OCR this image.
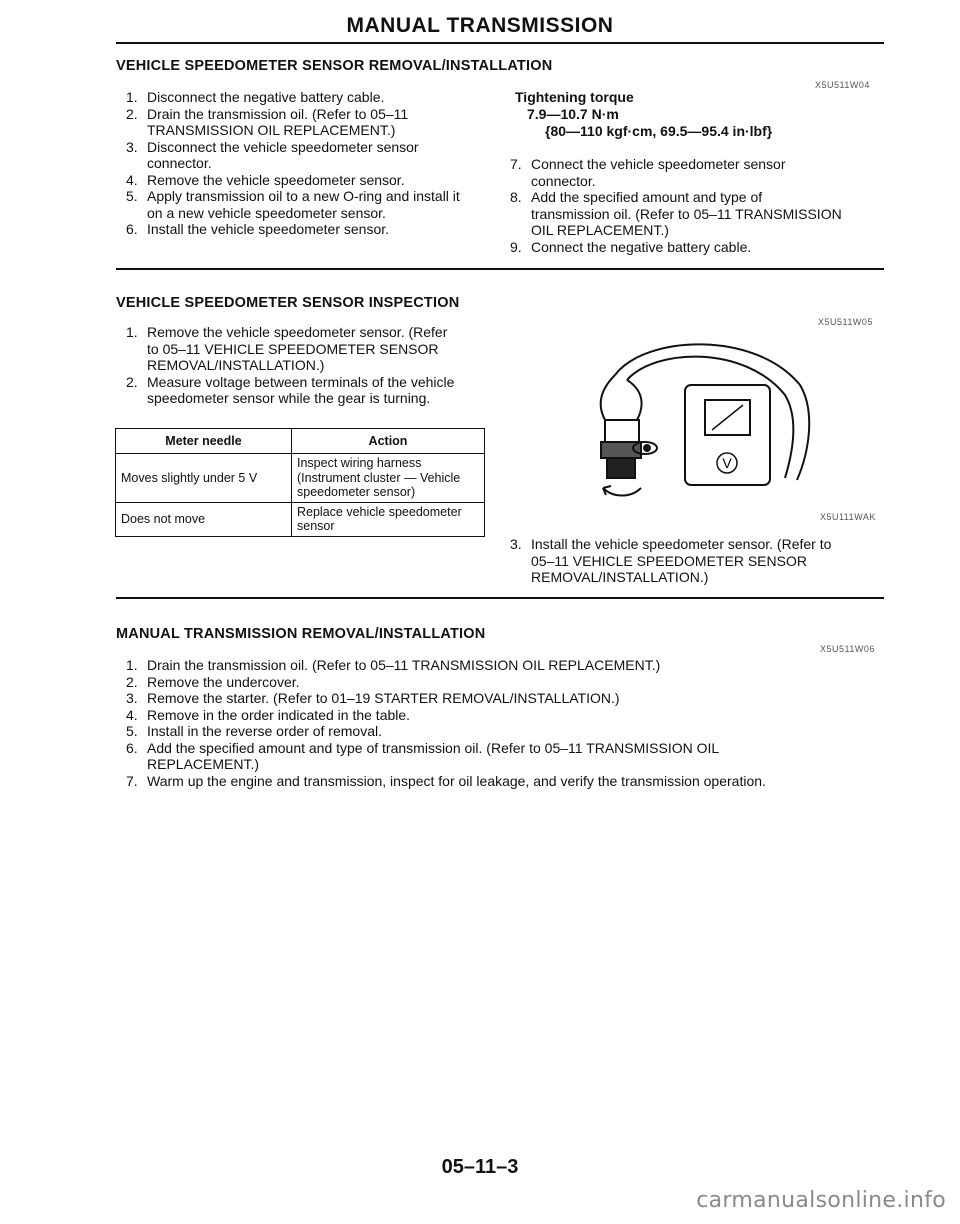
MANUAL TRANSMISSION
VEHICLE SPEEDOMETER SENSOR REMOVAL/INSTALLATION
X5U511W04
1. Disconnect the negative battery cable.
2. Drain the transmission oil. (Refer to 05–11
TRANSMISSION OIL REPLACEMENT.)
3. Disconnect the vehicle speedometer sensor
connector.
4. Remove the vehicle speedometer sensor.
5. Apply transmission oil to a new O-ring and install it
on a new vehicle speedometer sensor.
6. Install the vehicle speedometer sensor.
Tightening torque
7.9—10.7 N·m
{80—110 kgf·cm, 69.5—95.4 in·lbf}
7. Connect the vehicle speedometer sensor
connector.
8. Add the specified amount and type of
transmission oil. (Refer to 05–11 TRANSMISSION
OIL REPLACEMENT.)
9. Connect the negative battery cable.
VEHICLE SPEEDOMETER SENSOR INSPECTION
X5U511W05
1. Remove the vehicle speedometer sensor. (Refer
to 05–11 VEHICLE SPEEDOMETER SENSOR
REMOVAL/INSTALLATION.)
2. Measure voltage between terminals of the vehicle
speedometer sensor while the gear is turning.
Meter needle	Action
Moves slightly under 5 V	Inspect wiring harness
(Instrument cluster — Vehicle
speedometer sensor)

Does not move	Replace vehicle speedometer
sensor
V
X5U111WAK
3. Install the vehicle speedometer sensor. (Refer to
05–11 VEHICLE SPEEDOMETER SENSOR
REMOVAL/INSTALLATION.)
MANUAL TRANSMISSION REMOVAL/INSTALLATION
X5U511W06
1. Drain the transmission oil. (Refer to 05–11 TRANSMISSION OIL REPLACEMENT.)
2. Remove the undercover.
3. Remove the starter. (Refer to 01–19 STARTER REMOVAL/INSTALLATION.)
4. Remove in the order indicated in the table.
5. Install in the reverse order of removal.
6. Add the specified amount and type of transmission oil. (Refer to 05–11 TRANSMISSION OIL
REPLACEMENT.)
7. Warm up the engine and transmission, inspect for oil leakage, and verify the transmission operation.
05–11–3
carmanualsonline.info
